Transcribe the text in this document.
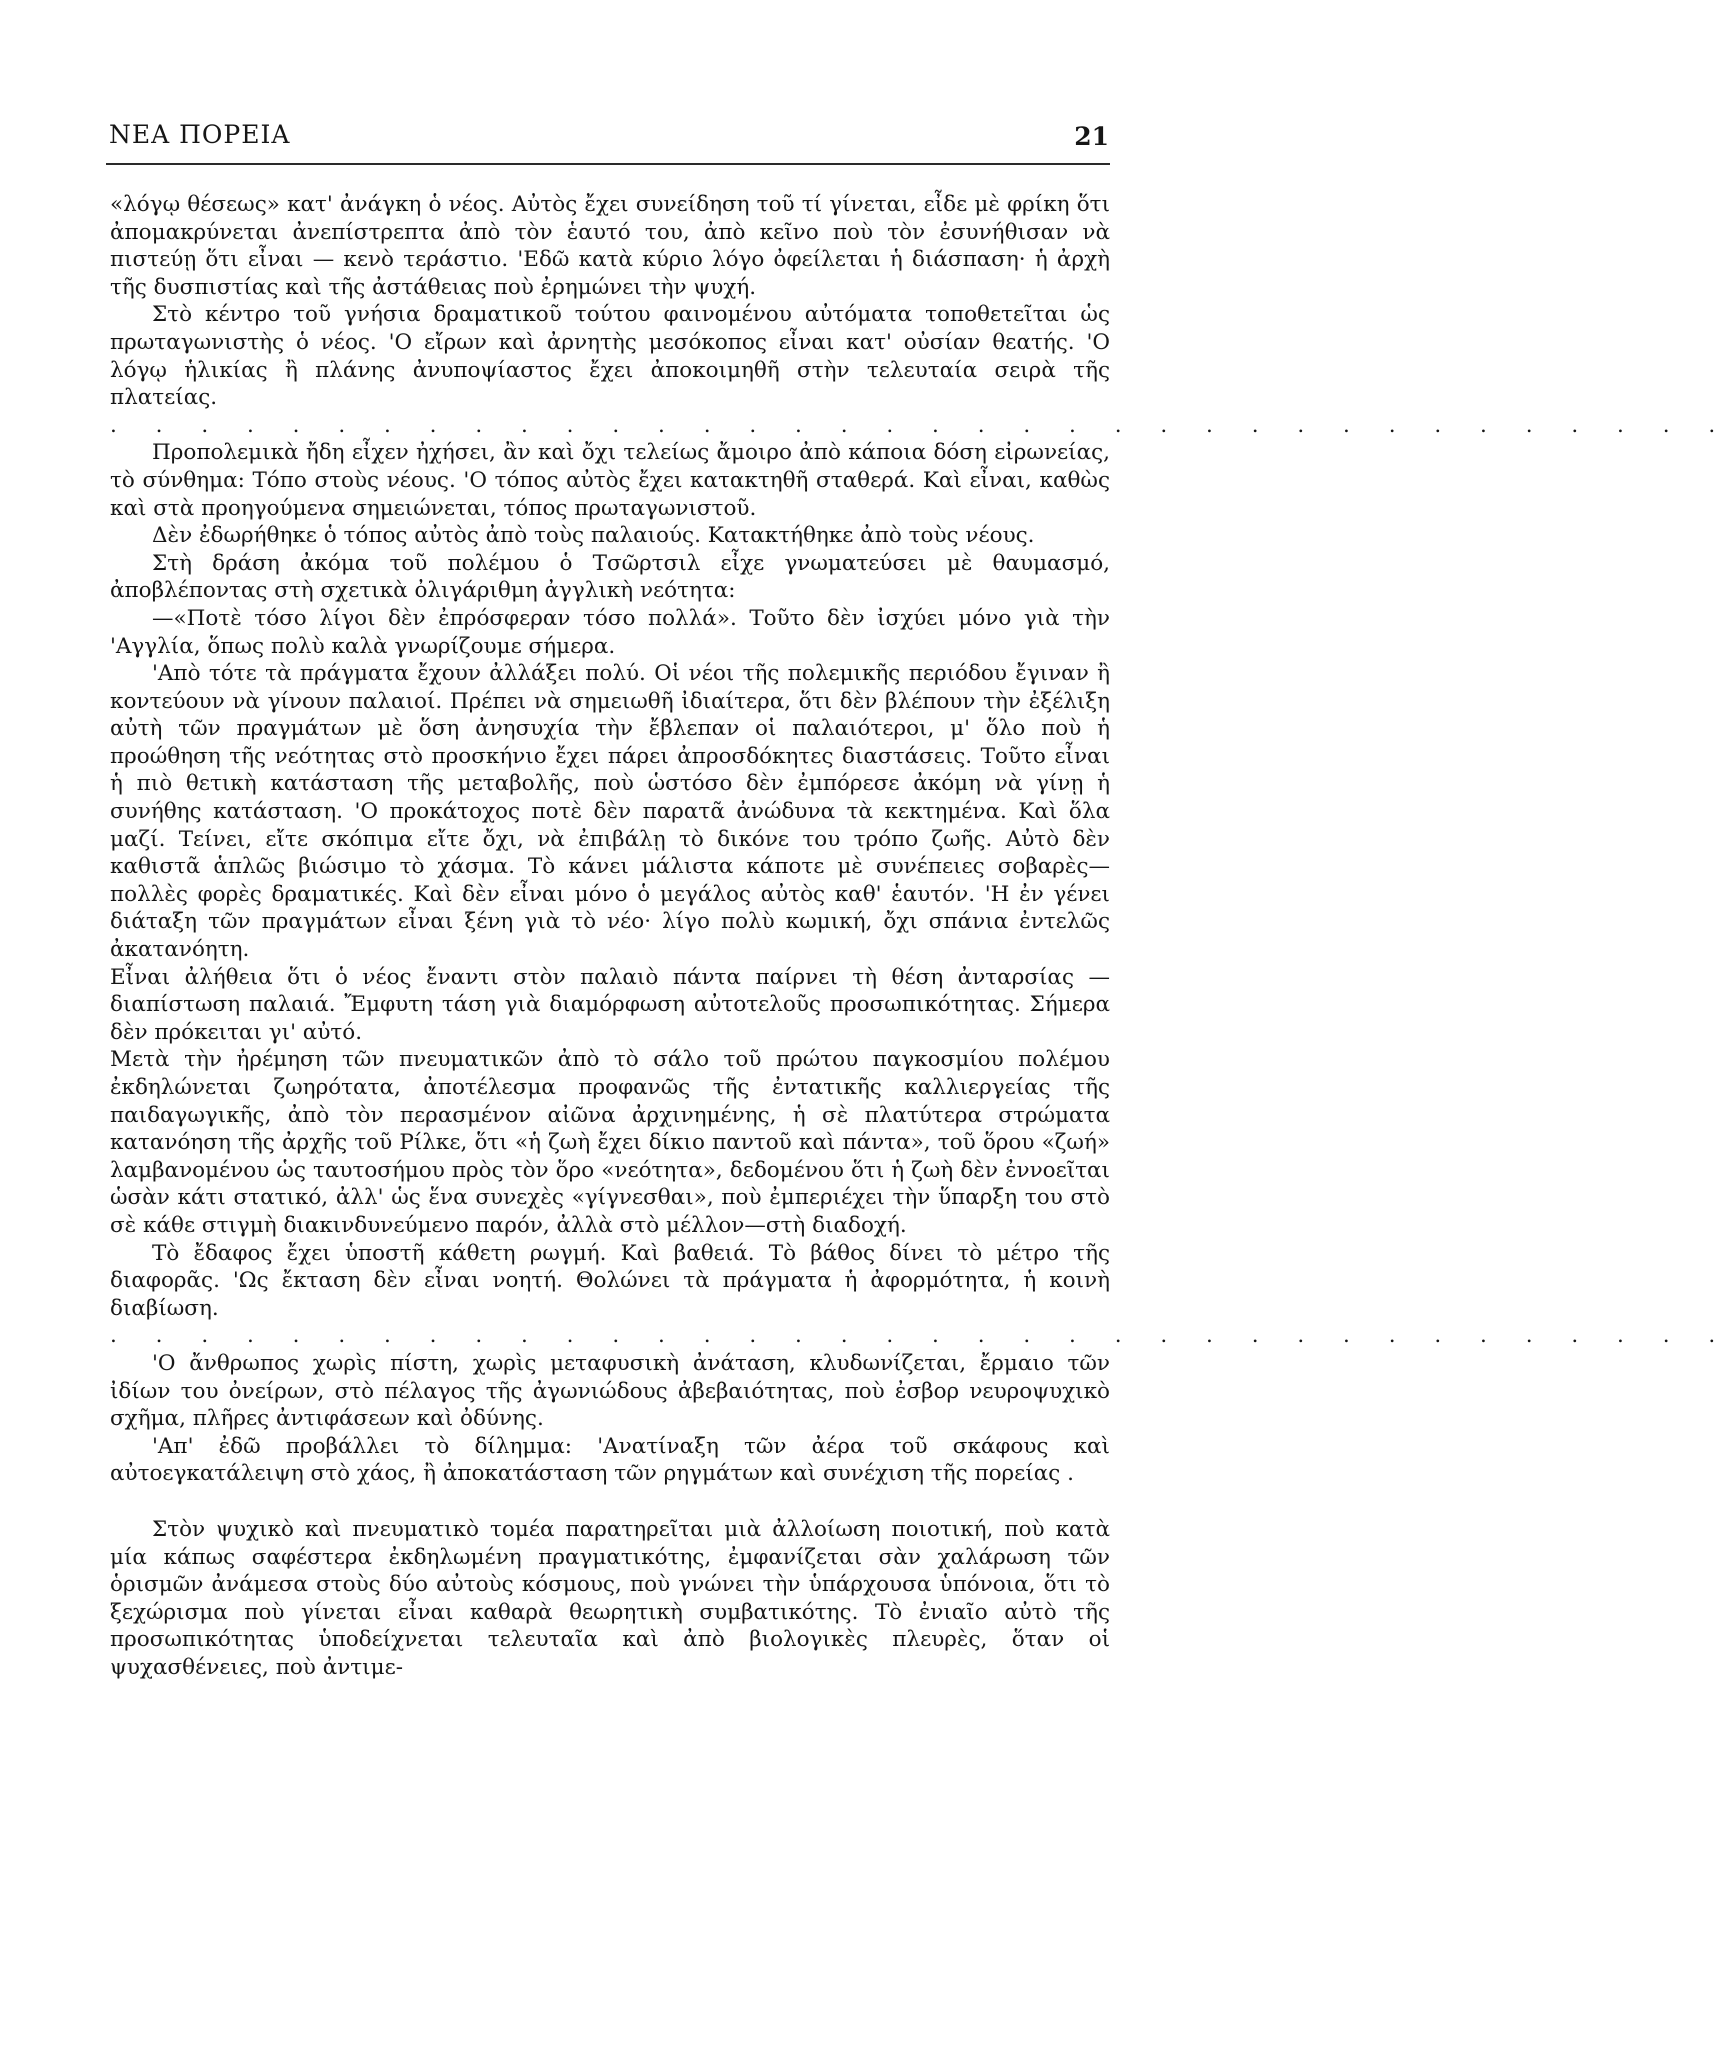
ΝΕΑ ΠΟΡΕΙΑ	21

«λόγῳ θέσεως» κατ' ἀνάγκη ὁ νέος. Αὐτὸς ἔχει συνείδηση τοῦ τί γίνεται, εἶδε μὲ φρίκη ὅτι ἀπομακρύνεται ἀνεπίστρεπτα ἀπὸ τὸν ἑαυτό του, ἀπὸ κεῖνο ποὺ τὸν ἐσυνήθισαν νὰ πιστεύῃ ὅτι εἶναι — κενὸ τεράστιο. 'Εδῶ κατὰ κύριο λόγο ὀφείλεται ἡ διάσπαση· ἡ ἀρχὴ τῆς δυσπιστίας καὶ τῆς ἀστάθειας ποὺ ἐρημώνει τὴν ψυχή.

Στὸ κέντρο τοῦ γνήσια δραματικοῦ τούτου φαινομένου αὐτόματα τοποθετεῖται ὡς πρωταγωνιστὴς ὁ νέος. 'Ο εἴρων καὶ ἀρνητὴς μεσόκοπος εἶναι κατ' οὐσίαν θεατής. 'Ο λόγῳ ἡλικίας ἢ πλάνης ἀνυποψίαστος ἔχει ἀποκοιμηθῆ στὴν τελευταία σειρὰ τῆς πλατείας.

. . . . . . . . . . . . . . . . . . . . . . . . . . . . . . . . . . . .

Προπολεμικὰ ἤδη εἶχεν ἠχήσει, ἂν καὶ ὄχι τελείως ἄμοιρο ἀπὸ κάποια δόση εἰρωνείας, τὸ σύνθημα: Τόπο στοὺς νέους. 'Ο τόπος αὐτὸς ἔχει κατακτηθῆ σταθερά. Καὶ εἶναι, καθὼς καὶ στὰ προηγούμενα σημειώνεται, τόπος πρωταγωνιστοῦ.

Δὲν ἐδωρήθηκε ὁ τόπος αὐτὸς ἀπὸ τοὺς παλαιούς. Κατακτήθηκε ἀπὸ τοὺς νέους.

Στὴ δράση ἀκόμα τοῦ πολέμου ὁ Τσῶρτσιλ εἶχε γνωματεύσει μὲ θαυμασμό, ἀποβλέποντας στὴ σχετικὰ ὀλιγάριθμη ἀγγλικὴ νεότητα:

—«Ποτὲ τόσο λίγοι δὲν ἐπρόσφεραν τόσο πολλά». Τοῦτο δὲν ἰσχύει μόνο γιὰ τὴν 'Αγγλία, ὅπως πολὺ καλὰ γνωρίζουμε σήμερα.

'Απὸ τότε τὰ πράγματα ἔχουν ἀλλάξει πολύ. Οἱ νέοι τῆς πολεμικῆς περιόδου ἔγιναν ἢ κοντεύουν νὰ γίνουν παλαιοί. Πρέπει νὰ σημειωθῆ ἰδιαίτερα, ὅτι δὲν βλέπουν τὴν ἐξέλιξη αὐτὴ τῶν πραγμάτων μὲ ὅση ἀνησυχία τὴν ἔβλεπαν οἱ παλαιότεροι, μ' ὅλο ποὺ ἡ προώθηση τῆς νεότητας στὸ προσκήνιο ἔχει πάρει ἀπροσδόκητες διαστάσεις. Τοῦτο εἶναι ἡ πιὸ θετικὴ κατάσταση τῆς μεταβολῆς, ποὺ ὡστόσο δὲν ἐμπόρεσε ἀκόμη νὰ γίνῃ ἡ συνήθης κατάσταση. 'Ο προκάτοχος ποτὲ δὲν παρατᾶ ἀνώδυνα τὰ κεκτημένα. Καὶ ὅλα μαζί. Τείνει, εἴτε σκόπιμα εἴτε ὄχι, νὰ ἐπιβάλῃ τὸ δικόνε του τρόπο ζωῆς. Αὐτὸ δὲν καθιστᾶ ἁπλῶς βιώσιμο τὸ χάσμα. Τὸ κάνει μάλιστα κάποτε μὲ συνέπειες σοβαρὲς—πολλὲς φορὲς δραματικές. Καὶ δὲν εἶναι μόνο ὁ μεγάλος αὐτὸς καθ' ἑαυτόν. 'Η ἐν γένει διάταξη τῶν πραγμάτων εἶναι ξένη γιὰ τὸ νέο· λίγο πολὺ κωμική, ὄχι σπάνια ἐντελῶς ἀκατανόητη.

Εἶναι ἀλήθεια ὅτι ὁ νέος ἔναντι στὸν παλαιὸ πάντα παίρνει τὴ θέση ἀνταρσίας —διαπίστωση παλαιά. Ἔμφυτη τάση γιὰ διαμόρφωση αὐτοτελοῦς προσωπικότητας. Σήμερα δὲν πρόκειται γι' αὐτό.

Μετὰ τὴν ἠρέμηση τῶν πνευματικῶν ἀπὸ τὸ σάλο τοῦ πρώτου παγκοσμίου πολέμου ἐκδηλώνεται ζωηρότατα, ἀποτέλεσμα προφανῶς τῆς ἐντατικῆς καλλιεργείας τῆς παιδαγωγικῆς, ἀπὸ τὸν περασμένον αἰῶνα ἀρχινημένης, ἡ σὲ πλατύτερα στρώματα κατανόηση τῆς ἀρχῆς τοῦ Ρίλκε, ὅτι «ἡ ζωὴ ἔχει δίκιο παντοῦ καὶ πάντα», τοῦ ὅρου «ζωή» λαμβανομένου ὡς ταυτοσήμου πρὸς τὸν ὅρο «νεότητα», δεδομένου ὅτι ἡ ζωὴ δὲν ἐννοεῖται ὡσὰν κάτι στατικό, ἀλλ' ὡς ἕνα συνεχὲς «γίγνεσθαι», ποὺ ἐμπεριέχει τὴν ὕπαρξη του στὸ σὲ κάθε στιγμὴ διακινδυνεύμενο παρόν, ἀλλὰ στὸ μέλλον—στὴ διαδοχή.

Τὸ ἔδαφος ἔχει ὑποστῆ κάθετη ρωγμή. Καὶ βαθειά. Τὸ βάθος δίνει τὸ μέτρο τῆς διαφορᾶς. 'Ως ἔκταση δὲν εἶναι νοητή. Θολώνει τὰ πράγματα ἡ ἀφορμότητα, ἡ κοινὴ διαβίωση.

. . . . . . . . . . . . . . . . . . . . . . . . . . . . . . . . . . . .

'Ο ἄνθρωπος χωρὶς πίστη, χωρὶς μεταφυσικὴ ἀνάταση, κλυδωνίζεται, ἔρμαιο τῶν ἰδίων του ὀνείρων, στὸ πέλαγος τῆς ἀγωνιώδους ἀβεβαιότητας, ποὺ ἐσβορ νευροψυχικὸ σχῆμα, πλῆρες ἀντιφάσεων καὶ ὀδύνης.

'Απ' ἐδῶ προβάλλει τὸ δίλημμα: 'Ανατίναξη τῶν ἀέρα τοῦ σκάφους καὶ αὐτοεγκατάλειψη στὸ χάος, ἢ ἀποκατάσταση τῶν ρηγμάτων καὶ συνέχιση τῆς πορείας .

Στὸν ψυχικὸ καὶ πνευματικὸ τομέα παρατηρεῖται μιὰ ἀλλοίωση ποιοτική, ποὺ κατὰ μία κάπως σαφέστερα ἐκδηλωμένη πραγματικότης, ἐμφανίζεται σὰν χαλάρωση τῶν ὁρισμῶν ἀνάμεσα στοὺς δύο αὐτοὺς κόσμους, ποὺ γνώνει τὴν ὑπάρχουσα ὑπόνοια, ὅτι τὸ ξεχώρισμα ποὺ γίνεται εἶναι καθαρὰ θεωρητικὴ συμβατικότης. Τὸ ἐνιαῖο αὐτὸ τῆς προσωπικότητας ὑποδείχνεται τελευταῖα καὶ ἀπὸ βιολογικὲς πλευρὲς, ὅταν οἱ ψυχασθένειες, ποὺ ἀντιμε-
